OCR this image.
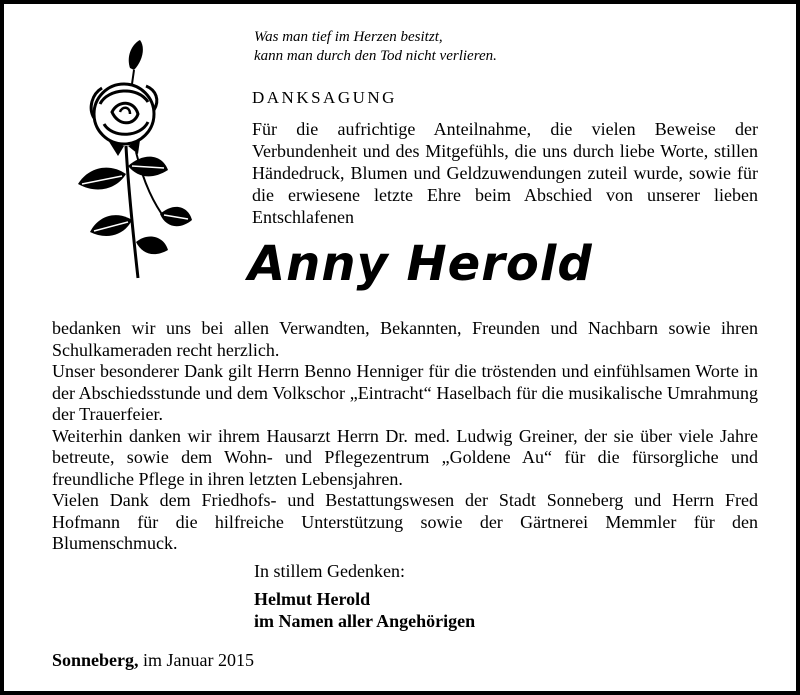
Was man tief im Herzen besitzt,
kann man durch den Tod nicht verlieren.
DANKSAGUNG
Für die aufrichtige Anteilnahme, die vielen Beweise der Verbundenheit und des Mitgefühls, die uns durch liebe Worte, stillen Händedruck, Blumen und Geldzuwendungen zuteil wurde, sowie für die erwiesene letzte Ehre beim Abschied von unserer lieben Entschlafenen
Anny Herold

bedanken wir uns bei allen Verwandten, Bekannten, Freunden und Nachbarn sowie ihren Schulkameraden recht herzlich.

Unser besonderer Dank gilt Herrn Benno Henniger für die tröstenden und einfühlsamen Worte in der Abschiedsstunde und dem Volkschor „Eintracht“ Haselbach für die musikalische Umrahmung der Trauerfeier.

Weiterhin danken wir ihrem Hausarzt Herrn Dr. med. Ludwig Greiner, der sie über viele Jahre betreute, sowie dem Wohn- und Pflegezentrum „Goldene Au“ für die fürsorgliche und freundliche Pflege in ihren letzten Lebensjahren.

Vielen Dank dem Friedhofs- und Bestattungswesen der Stadt Sonneberg und Herrn Fred Hofmann für die hilfreiche Unterstützung sowie der Gärtnerei Memmler für den Blumenschmuck.

In stillem Gedenken:
Helmut Herold
im Namen aller Angehörigen
Sonneberg, im Januar 2015
